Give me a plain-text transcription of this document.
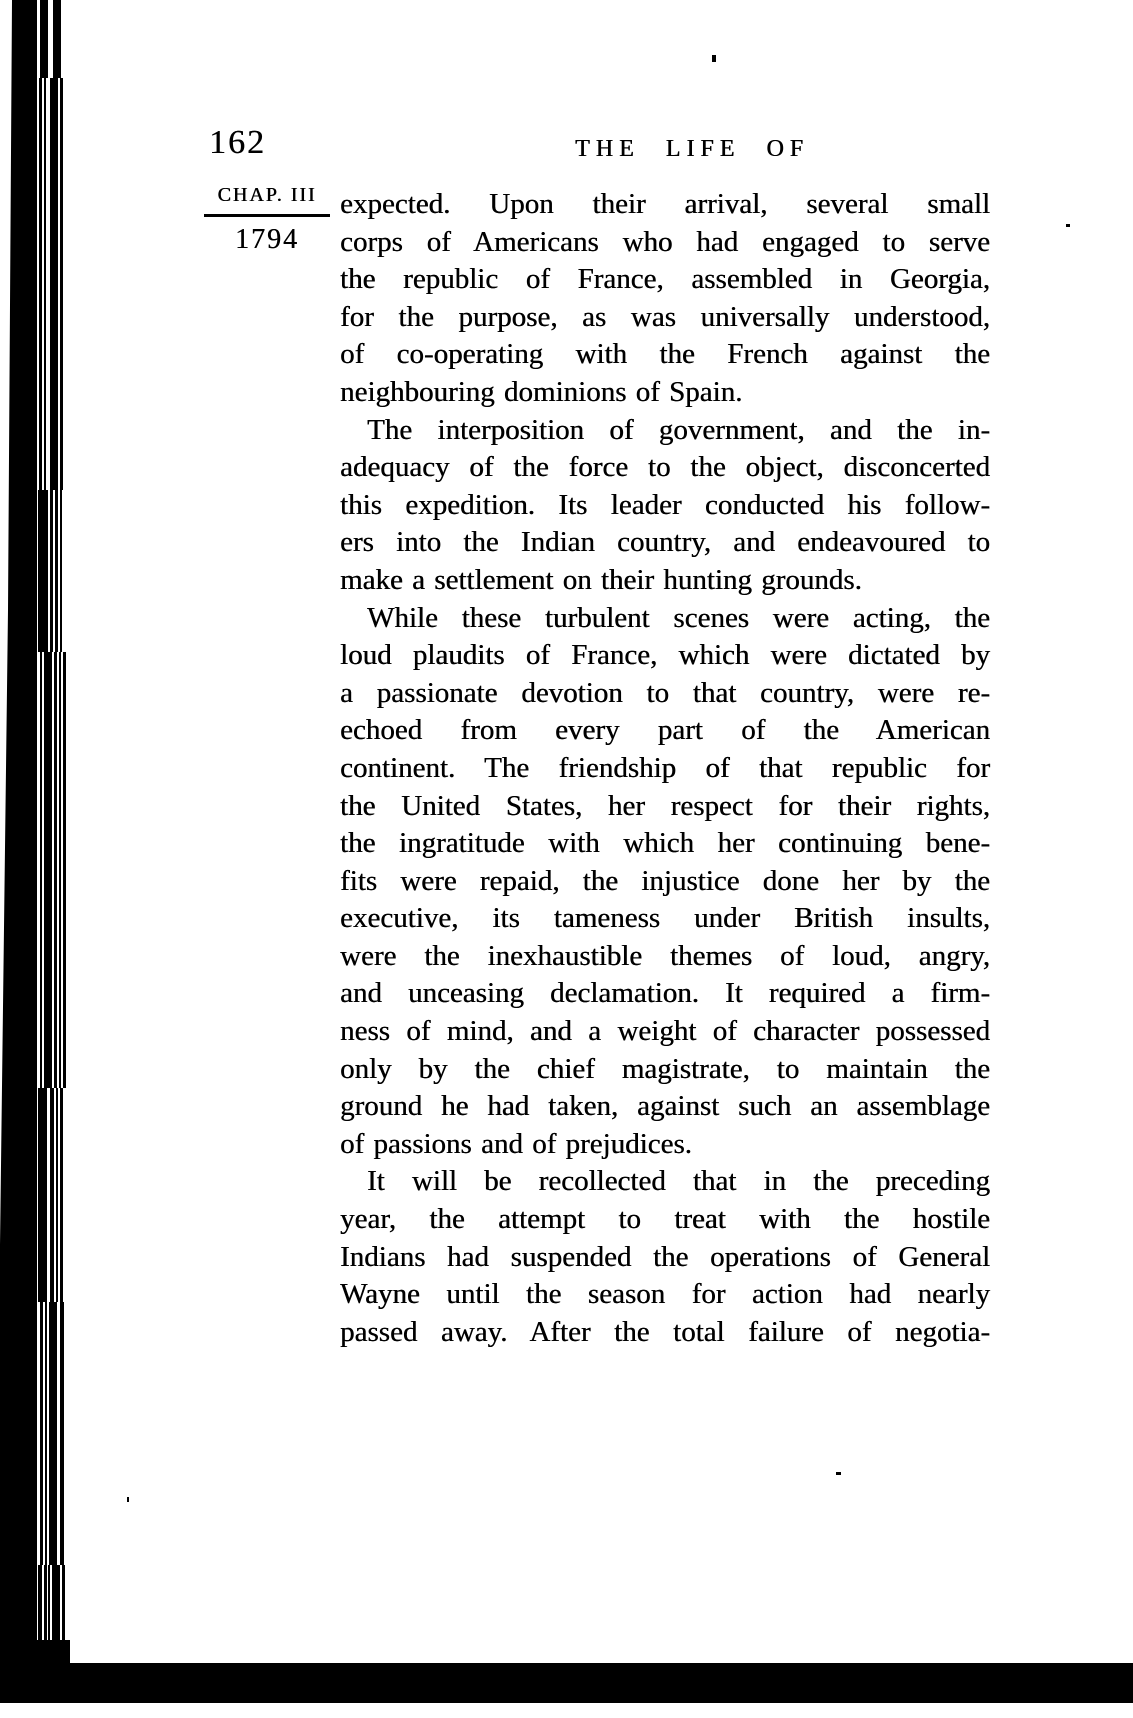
162	THE LIFE OF
CHAP. III
1794
expected. Upon their arrival, several small
corps of Americans who had engaged to serve
the republic of France, assembled in Georgia,
for the purpose, as was universally understood,
of co-operating with the French against the
neighbouring dominions of Spain.
The interposition of government, and the in-
adequacy of the force to the object, disconcerted
this expedition. Its leader conducted his follow-
ers into the Indian country, and endeavoured to
make a settlement on their hunting grounds.
While these turbulent scenes were acting, the
loud plaudits of France, which were dictated by
a passionate devotion to that country, were re-
echoed from every part of the American
continent. The friendship of that republic for
the United States, her respect for their rights,
the ingratitude with which her continuing bene-
fits were repaid, the injustice done her by the
executive, its tameness under British insults,
were the inexhaustible themes of loud, angry,
and unceasing declamation. It required a firm-
ness of mind, and a weight of character possessed
only by the chief magistrate, to maintain the
ground he had taken, against such an assemblage
of passions and of prejudices.
It will be recollected that in the preceding
year, the attempt to treat with the hostile
Indians had suspended the operations of General
Wayne until the season for action had nearly
passed away. After the total failure of negotia-
